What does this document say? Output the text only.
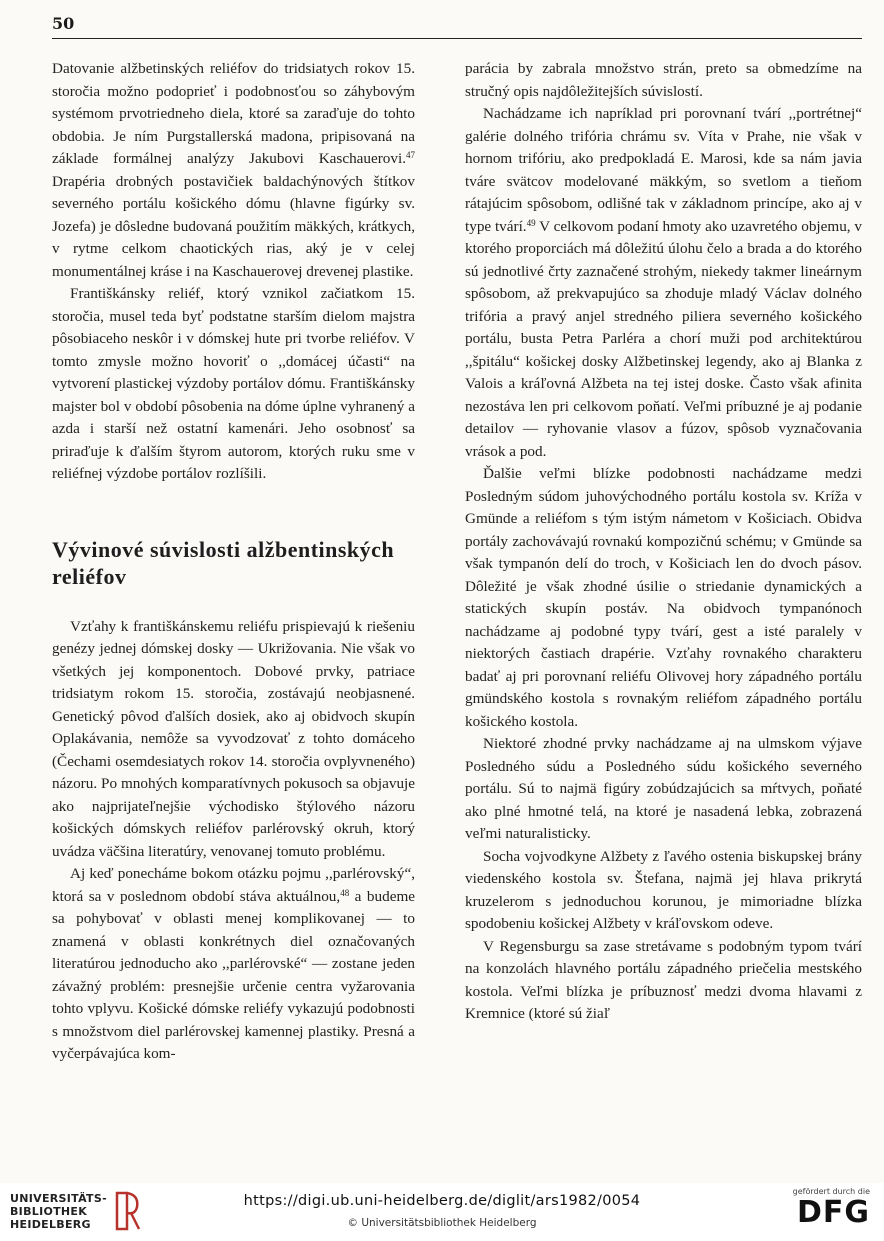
50

Datovanie alžbetinských reliéfov do tridsiatych rokov 15. storočia možno podoprieť i podobnosťou so záhybovým systémom prvotriedneho diela, ktoré sa zaraďuje do tohto obdobia. Je ním Purgstallerská madona, pripisovaná na základe formálnej analýzy Jakubovi Kaschauerovi.$^{47}$ Drapéria drobných postavičiek baldachýnových štítkov severného portálu košického dómu (hlavne figúrky sv. Jozefa) je dôsledne budovaná použitím mäkkých, krátkych, v rytme celkom chaotických rias, aký je v celej monumentálnej kráse i na Kaschauerovej drevenej plastike.

Františkánsky reliéf, ktorý vznikol začiatkom 15. storočia, musel teda byť podstatne starším dielom majstra pôsobiaceho neskôr i v dómskej hute pri tvorbe reliéfov. V tomto zmysle možno hovoriť o ,,domácej účasti“ na vytvorení plastickej výzdoby portálov dómu. Františkánsky majster bol v období pôsobenia na dóme úplne vyhranený a azda i starší než ostatní kamenári. Jeho osobnosť sa priraďuje k ďalším štyrom autorom, ktorých ruku sme v reliéfnej výzdobe portálov rozlíšili.

Vývinové súvislosti alžbentinských reliéfov

Vzťahy k františkánskemu reliéfu prispievajú k riešeniu genézy jednej dómskej dosky — Ukrižovania. Nie však vo všetkých jej komponentoch. Dobové prvky, patriace tridsiatym rokom 15. storočia, zostávajú neobjasnené. Genetický pôvod ďalších dosiek, ako aj obidvoch skupín Oplakávania, nemôže sa vyvodzovať z tohto domáceho (Čechami osemdesiatych rokov 14. storočia ovplyvneného) názoru. Po mnohých komparatívnych pokusoch sa objavuje ako najprijateľnejšie východisko štýlového názoru košických dómskych reliéfov parlérovský okruh, ktorý uvádza väčšina literatúry, venovanej tomuto problému.

Aj keď ponecháme bokom otázku pojmu ,,parlérovský“, ktorá sa v poslednom období stáva aktuálnou,$^{48}$ a budeme sa pohybovať v oblasti menej komplikovanej — to znamená v oblasti konkrétnych diel označovaných literatúrou jednoducho ako ,,parlérovské“ — zostane jeden závažný problém: presnejšie určenie centra vyžarovania tohto vplyvu. Košické dómske reliéfy vykazujú podobnosti s množstvom diel parlérovskej kamennej plastiky. Presná a vyčerpávajúca kom-

parácia by zabrala množstvo strán, preto sa obmedzíme na stručný opis najdôležitejších súvislostí.

Nachádzame ich napríklad pri porovnaní tvárí ,,portrétnej“ galérie dolného trifória chrámu sv. Víta v Prahe, nie však v hornom trifóriu, ako predpokladá E. Marosi, kde sa nám javia tváre svätcov modelované mäkkým, so svetlom a tieňom rátajúcim spôsobom, odlišné tak v základnom princípe, ako aj v type tvárí.$^{49}$ V celkovom podaní hmoty ako uzavretého objemu, v ktorého proporciách má dôležitú úlohu čelo a brada a do ktorého sú jednotlivé črty zaznačené strohým, niekedy takmer lineárnym spôsobom, až prekvapujúco sa zhoduje mladý Václav dolného trifória a pravý anjel stredného piliera severného košického portálu, busta Petra Parléra a chorí muži pod architektúrou ,,špitálu“ košickej dosky Alžbetinskej legendy, ako aj Blanka z Valois a kráľovná Alžbeta na tej istej doske. Často však afinita nezostáva len pri celkovom poňatí. Veľmi príbuzné je aj podanie detailov — ryhovanie vlasov a fúzov, spôsob vyznačovania vrások a pod.

Ďalšie veľmi blízke podobnosti nachádzame medzi Posledným súdom juhovýchodného portálu kostola sv. Kríža v Gmünde a reliéfom s tým istým námetom v Košiciach. Obidva portály zachovávajú rovnakú kompozičnú schému; v Gmünde sa však tympanón delí do troch, v Košiciach len do dvoch pásov. Dôležité je však zhodné úsilie o striedanie dynamických a statických skupín postáv. Na obidvoch tympanónoch nachádzame aj podobné typy tvárí, gest a isté paralely v niektorých častiach drapérie. Vzťahy rovnakého charakteru badať aj pri porovnaní reliéfu Olivovej hory západného portálu gmündského kostola s rovnakým reliéfom západného portálu košického kostola.

Niektoré zhodné prvky nachádzame aj na ulmskom výjave Posledného súdu a Posledného súdu košického severného portálu. Sú to najmä figúry zobúdzajúcich sa mŕtvych, poňaté ako plné hmotné telá, na ktoré je nasadená lebka, zobrazená veľmi naturalisticky.

Socha vojvodkyne Alžbety z ľavého ostenia biskupskej brány viedenského kostola sv. Štefana, najmä jej hlava prikrytá kruzelerom s jednoduchou korunou, je mimoriadne blízka spodobeniu košickej Alžbety v kráľovskom odeve.

V Regensburgu sa zase stretávame s podobným typom tvárí na konzolách hlavného portálu západného priečelia mestského kostola. Veľmi blízka je príbuznosť medzi dvoma hlavami z Kremnice (ktoré sú žiaľ

UNIVERSITÄTS-
BIBLIOTHEK
HEIDELBERG
https://digi.ub.uni-heidelberg.de/diglit/ars1982/0054
© Universitätsbibliothek Heidelberg
gefördert durch die
DFG
